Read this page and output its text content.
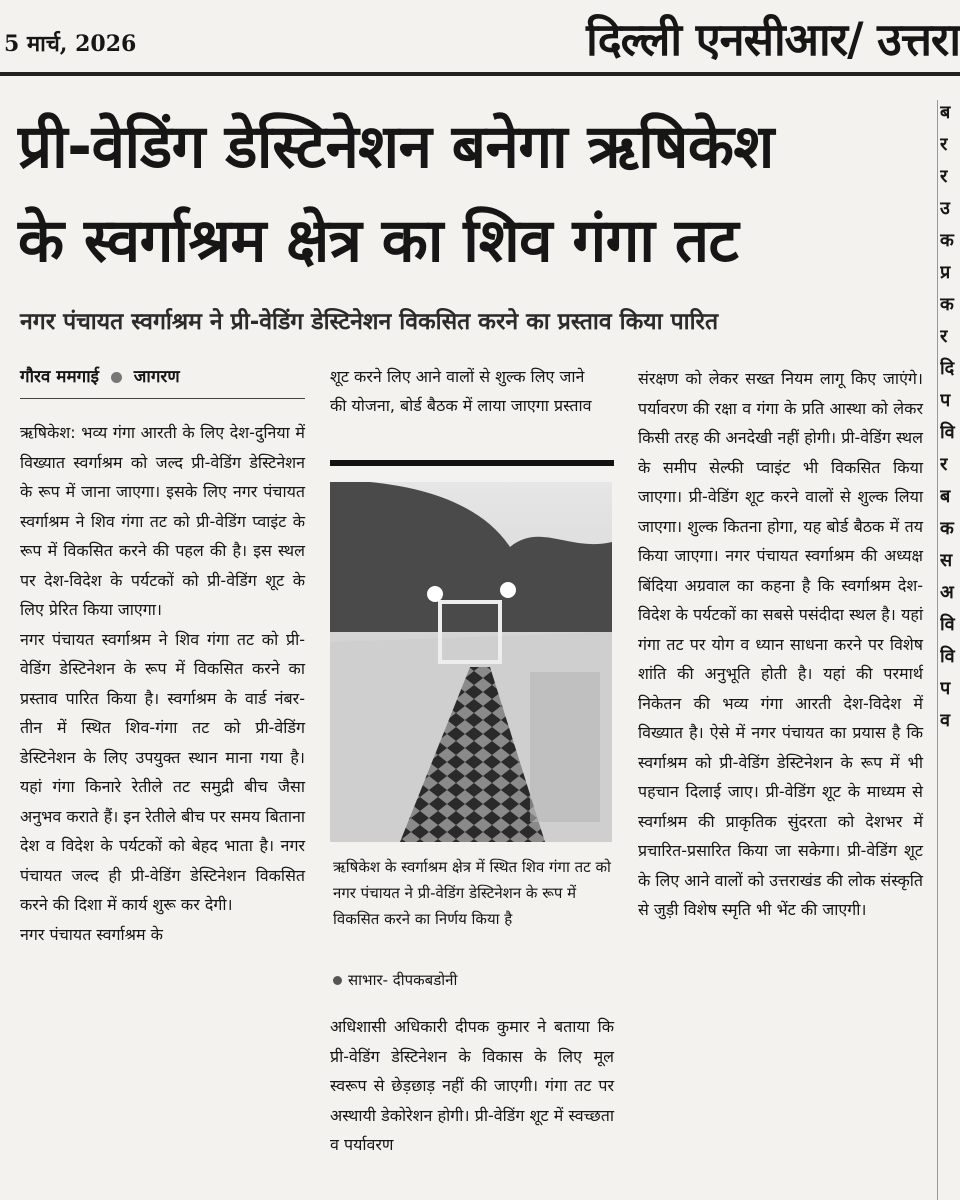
5 मार्च, 2026	दिल्ली एनसीआर/ उत्तरा
प्री-वेडिंग डेस्टिनेशन बनेगा ऋषिकेश
के स्वर्गाश्रम क्षेत्र का शिव गंगा तट
नगर पंचायत स्वर्गाश्रम ने प्री-वेडिंग डेस्टिनेशन विकसित करने का प्रस्ताव किया पारित
गौरव ममगाई जागरण

ऋषिकेश: भव्य गंगा आरती के लिए देश-दुनिया में विख्यात स्वर्गाश्रम को जल्द प्री-वेडिंग डेस्टिनेशन के रूप में जाना जाएगा। इसके लिए नगर पंचायत स्वर्गाश्रम ने शिव गंगा तट को प्री-वेडिंग प्वाइंट के रूप में विकसित करने की पहल की है। इस स्थल पर देश-विदेश के पर्यटकों को प्री-वेडिंग शूट के लिए प्रेरित किया जाएगा।

नगर पंचायत स्वर्गाश्रम ने शिव गंगा तट को प्री-वेडिंग डेस्टिनेशन के रूप में विकसित करने का प्रस्ताव पारित किया है। स्वर्गाश्रम के वार्ड नंबर-तीन में स्थित शिव-गंगा तट को प्री-वेडिंग डेस्टिनेशन के लिए उपयुक्त स्थान माना गया है। यहां गंगा किनारे रेतीले तट समुद्री बीच जैसा अनुभव कराते हैं। इन रेतीले बीच पर समय बिताना देश व विदेश के पर्यटकों को बेहद भाता है। नगर पंचायत जल्द ही प्री-वेडिंग डेस्टिनेशन विकसित करने की दिशा में कार्य शुरू कर देगी।

नगर पंचायत स्वर्गाश्रम के

शूट करने लिए आने वालों से शुल्क लिए जाने की योजना, बोर्ड बैठक में लाया जाएगा प्रस्ताव
ऋषिकेश के स्वर्गाश्रम क्षेत्र में स्थित शिव गंगा तट को नगर पंचायत ने प्री-वेडिंग डेस्टिनेशन के रूप में विकसित करने का निर्णय किया है
साभार- दीपकबडोनी

अधिशासी अधिकारी दीपक कुमार ने बताया कि प्री-वेडिंग डेस्टिनेशन के विकास के लिए मूल स्वरूप से छेड़छाड़ नहीं की जाएगी। गंगा तट पर अस्थायी डेकोरेशन होगी। प्री-वेडिंग शूट में स्वच्छता व पर्यावरण

संरक्षण को लेकर सख्त नियम लागू किए जाएंगे। पर्यावरण की रक्षा व गंगा के प्रति आस्था को लेकर किसी तरह की अनदेखी नहीं होगी। प्री-वेडिंग स्थल के समीप सेल्फी प्वाइंट भी विकसित किया जाएगा। प्री-वेडिंग शूट करने वालों से शुल्क लिया जाएगा। शुल्क कितना होगा, यह बोर्ड बैठक में तय किया जाएगा। नगर पंचायत स्वर्गाश्रम की अध्यक्ष बिंदिया अग्रवाल का कहना है कि स्वर्गाश्रम देश-विदेश के पर्यटकों का सबसे पसंदीदा स्थल है। यहां गंगा तट पर योग व ध्यान साधना करने पर विशेष शांति की अनुभूति होती है। यहां की परमार्थ निकेतन की भव्य गंगा आरती देश-विदेश में विख्यात है। ऐसे में नगर पंचायत का प्रयास है कि स्वर्गाश्रम को प्री-वेडिंग डेस्टिनेशन के रूप में भी पहचान दिलाई जाए। प्री-वेडिंग शूट के माध्यम से स्वर्गाश्रम की प्राकृतिक सुंदरता को देशभर में प्रचारित-प्रसारित किया जा सकेगा। प्री-वेडिंग शूट के लिए आने वालों को उत्तराखंड की लोक संस्कृति से जुड़ी विशेष स्मृति भी भेंट की जाएगी।

ब
र
र
उ
क
प्र
क
र
दि
प
वि
र
ब
क
स
अ
वि
वि
प
व
